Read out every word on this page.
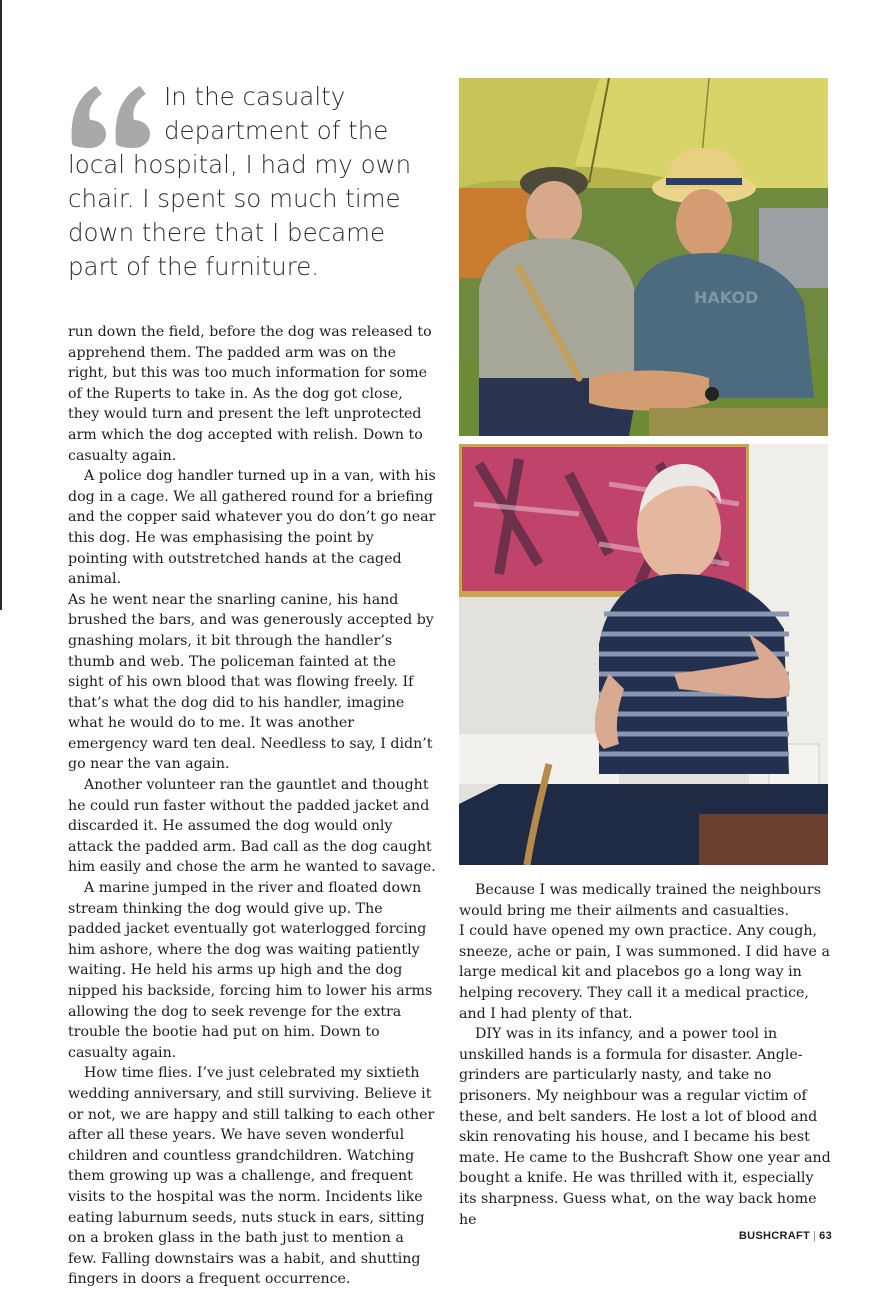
In the casualty department of the local hospital, I had my own chair. I spent so much time down there that I became part of the furniture.

run down the field, before the dog was released to apprehend them. The padded arm was on the right, but this was too much information for some of the Ruperts to take in. As the dog got close, they would turn and present the left unprotected arm which the dog accepted with relish. Down to casualty again.

A police dog handler turned up in a van, with his dog in a cage. We all gathered round for a briefing and the copper said whatever you do don’t go near this dog. He was emphasising the point by pointing with outstretched hands at the caged animal.

As he went near the snarling canine, his hand brushed the bars, and was generously accepted by gnashing molars, it bit through the handler’s thumb and web. The policeman fainted at the sight of his own blood that was flowing freely. If that’s what the dog did to his handler, imagine what he would do to me. It was another emergency ward ten deal. Needless to say, I didn’t go near the van again.

Another volunteer ran the gauntlet and thought he could run faster without the padded jacket and discarded it. He assumed the dog would only attack the padded arm. Bad call as the dog caught him easily and chose the arm he wanted to savage.

A marine jumped in the river and floated down stream thinking the dog would give up. The padded jacket eventually got waterlogged forcing him ashore, where the dog was waiting patiently waiting. He held his arms up high and the dog nipped his backside, forcing him to lower his arms allowing the dog to seek revenge for the extra trouble the bootie had put on him. Down to casualty again.

How time flies. I’ve just celebrated my sixtieth wedding anniversary, and still surviving. Believe it or not, we are happy and still talking to each other after all these years. We have seven wonderful children and countless grandchildren. Watching them growing up was a challenge, and frequent visits to the hospital was the norm. Incidents like eating laburnum seeds, nuts stuck in ears, sitting on a broken glass in the bath just to mention a few. Falling downstairs was a habit, and shutting fingers in doors a frequent occurrence.

HAKOD

Because I was medically trained the neighbours would bring me their ailments and casualties.

I could have opened my own practice. Any cough, sneeze, ache or pain, I was summoned. I did have a large medical kit and placebos go a long way in helping recovery. They call it a medical practice, and I had plenty of that.

DIY was in its infancy, and a power tool in unskilled hands is a formula for disaster. Angle-grinders are particularly nasty, and take no prisoners. My neighbour was a regular victim of these, and belt sanders. He lost a lot of blood and skin renovating his house, and I became his best mate. He came to the Bushcraft Show one year and bought a knife. He was thrilled with it, especially its sharpness. Guess what, on the way back home he

BUSHCRAFT | 63
